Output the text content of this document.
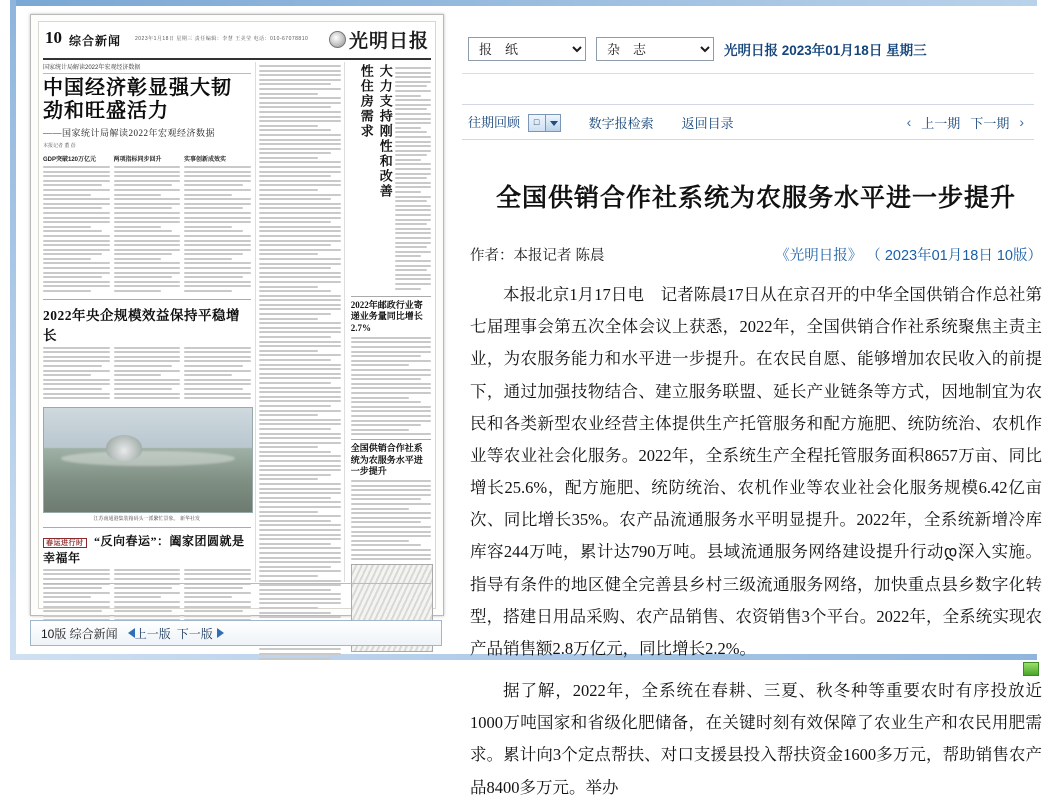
10 综合新闻	2023年1月18日 星期三 责任编辑：李慧 王美莹 电话：010-67078810 光明日报
国家统计局解读2022年宏观经济数据
中国经济彰显强大韧劲和旺盛活力
——国家统计局解读2022年宏观经济数据
本报记者 董 蓓
GDP突破120万亿元	两项指标同步回升	实事创新成效实
2022年央企规模效益保持平稳增长
江苏南通港集装箱码头一派繁忙景象。 新华社发
春运进行时 “反向春运”：阖家团圆就是幸福年
大力支持刚性和改善性住房需求
2022年邮政行业寄递业务量同比增长2.7%
全国供销合作社系统为农服务水平进一步提升
10版 综合新闻	上一版 下一版
报　纸
杂　志
光明日报 2023年01月18日 星期三
往期回顾	□	数字报检索	返回目录	‹ 上一期 下一期 ›
全国供销合作社系统为农服务水平进一步提升
作者：本报记者 陈晨	《光明日报》 （ 2023年01月18日 10版）

本报北京1月17日电　记者陈晨17日从在京召开的中华全国供销合作总社第七届理事会第五次全体会议上获悉，2022年，全国供销合作社系统聚焦主责主业，为农服务能力和水平进一步提升。在农民自愿、能够增加农民收入的前提下，通过加强技物结合、建立服务联盟、延长产业链条等方式，因地制宜为农民和各类新型农业经营主体提供生产托管服务和配方施肥、统防统治、农机作业等农业社会化服务。2022年，全系统生产全程托管服务面积8657万亩、同比增长25.6%，配方施肥、统防统治、农机作业等农业社会化服务规模6.42亿亩次、同比增长35%。农产品流通服务水平明显提升。2022年，全系统新增冷库库容244万吨，累计达790万吨。县域流通服务网络建设提升行动დ深入实施。指导有条件的地区健全完善县乡村三级流通服务网络，加快重点县乡数字化转型，搭建日用品采购、农产品销售、农资销售3个平台。2022年，全系统实现农产品销售额2.8万亿元，同比增长2.2%。

据了解，2022年，全系统在春耕、三夏、秋冬种等重要农时有序投放近1000万吨国家和省级化肥储备，在关键时刻有效保障了农业生产和农民用肥需求。累计向3个定点帮扶、对口支援县投入帮扶资金1600多万元，帮助销售农产品8400多万元。举办
